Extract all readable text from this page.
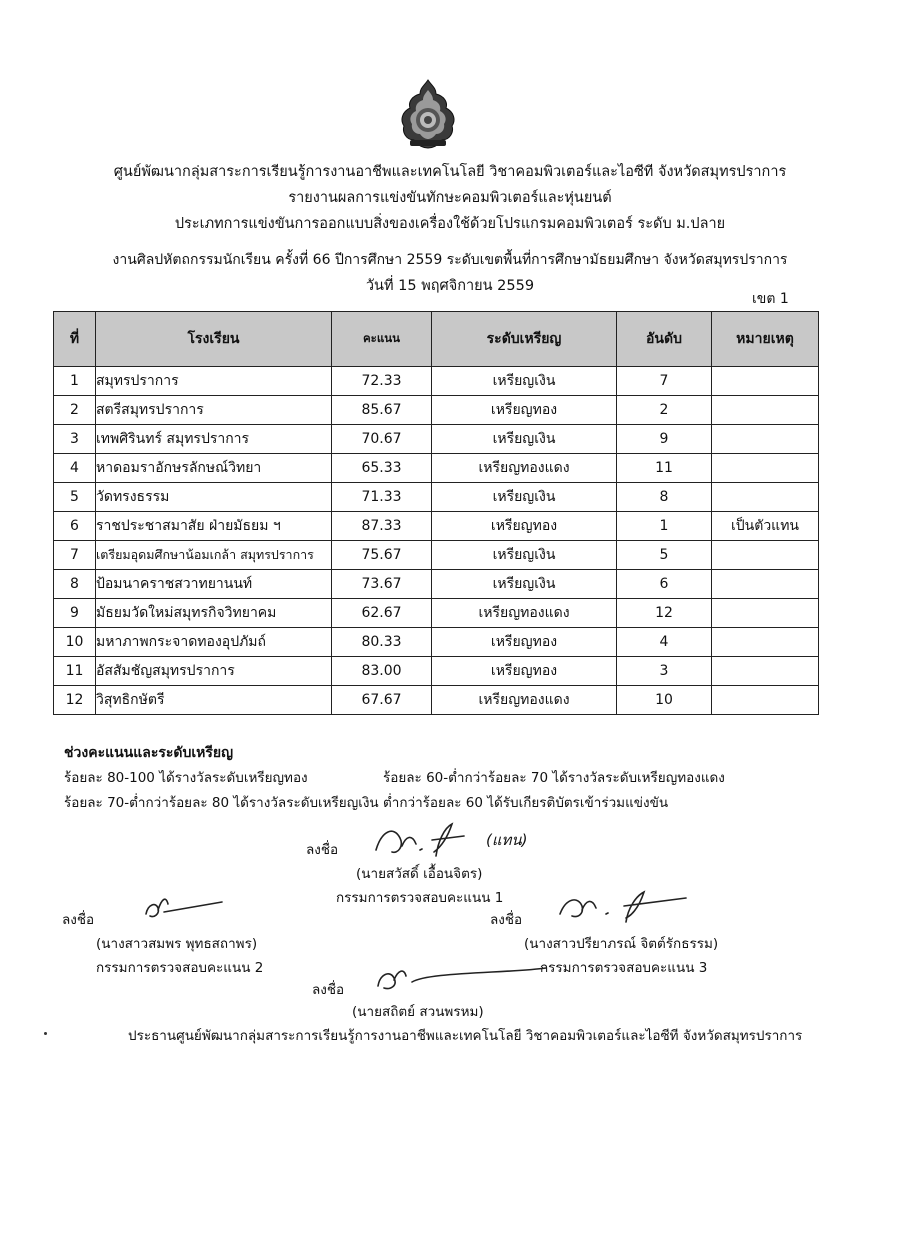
ศูนย์พัฒนากลุ่มสาระการเรียนรู้การงานอาชีพและเทคโนโลยี วิชาคอมพิวเตอร์และไอซีที จังหวัดสมุทรปราการ
รายงานผลการแข่งขันทักษะคอมพิวเตอร์และหุ่นยนต์
ประเภทการแข่งขันการออกแบบสิ่งของเครื่องใช้ด้วยโปรแกรมคอมพิวเตอร์ ระดับ ม.ปลาย
งานศิลปหัตถกรรมนักเรียน ครั้งที่ 66 ปีการศึกษา 2559 ระดับเขตพื้นที่การศึกษามัธยมศึกษา จังหวัดสมุทรปราการ
วันที่ 15 พฤศจิกายน 2559
เขต 1
ที่	โรงเรียน	คะแนน	ระดับเหรียญ	อันดับ	หมายเหตุ
1	สมุทรปราการ	72.33	เหรียญเงิน	7	
2	สตรีสมุทรปราการ	85.67	เหรียญทอง	2	
3	เทพศิรินทร์ สมุทรปราการ	70.67	เหรียญเงิน	9	
4	หาดอมราอักษรลักษณ์วิทยา	65.33	เหรียญทองแดง	11	
5	วัดทรงธรรม	71.33	เหรียญเงิน	8	
6	ราชประชาสมาสัย ฝ่ายมัธยม ฯ	87.33	เหรียญทอง	1	เป็นตัวแทน
7	เตรียมอุดมศึกษาน้อมเกล้า สมุทรปราการ	75.67	เหรียญเงิน	5	
8	ป้อมนาคราชสวาทยานนท์	73.67	เหรียญเงิน	6	
9	มัธยมวัดใหม่สมุทรกิจวิทยาคม	62.67	เหรียญทองแดง	12	
10	มหาภาพกระจาดทองอุปภัมถ์	80.33	เหรียญทอง	4	
11	อัสสัมชัญสมุทรปราการ	83.00	เหรียญทอง	3	
12	วิสุทธิกษัตรี	67.67	เหรียญทองแดง	10	
ช่วงคะแนนและระดับเหรียญ
ร้อยละ 80-100 ได้รางวัลระดับเหรียญทอง	ร้อยละ 60-ต่ำกว่าร้อยละ 70 ได้รางวัลระดับเหรียญทองแดง
ร้อยละ 70-ต่ำกว่าร้อยละ 80 ได้รางวัลระดับเหรียญเงิน ต่ำกว่าร้อยละ 60 ได้รับเกียรติบัตรเข้าร่วมแข่งขัน
ลงชื่อ
(แทน)
(นายสวัสดิ์ เอื้อนจิตร)
กรรมการตรวจสอบคะแนน 1
ลงชื่อ
(นางสาวสมพร พุทธสถาพร)
กรรมการตรวจสอบคะแนน 2
ลงชื่อ
(นางสาวปรียาภรณ์ จิตต์รักธรรม)
กรรมการตรวจสอบคะแนน 3
ลงชื่อ
(นายสถิตย์ สวนพรหม)
ประธานศูนย์พัฒนากลุ่มสาระการเรียนรู้การงานอาชีพและเทคโนโลยี วิชาคอมพิวเตอร์และไอซีที จังหวัดสมุทรปราการ
